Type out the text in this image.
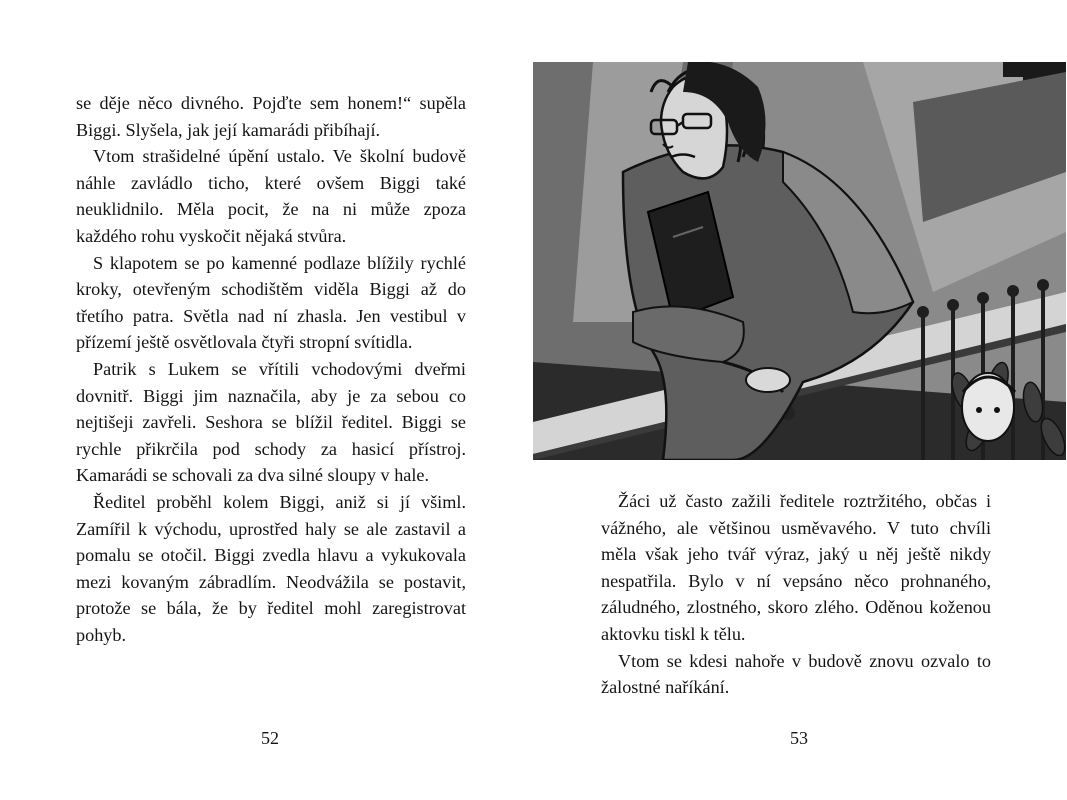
se děje něco divného. Pojďte sem honem!“ supěla Biggi. Slyšela, jak její kamarádi přibíhají.

Vtom strašidelné úpění ustalo. Ve školní budově náhle zavládlo ticho, které ovšem Biggi také neuklidnilo. Měla pocit, že na ni může zpoza každého rohu vyskočit nějaká stvůra.

S klapotem se po kamenné podlaze blížily rychlé kroky, otevřeným schodištěm viděla Biggi až do třetího patra. Světla nad ní zhasla. Jen vestibul v přízemí ještě osvětlovala čtyři stropní svítidla.

Patrik s Lukem se vřítili vchodovými dveřmi dovnitř. Biggi jim naznačila, aby je za sebou co nejtišeji zavřeli. Seshora se blížil ředitel. Biggi se rychle přikrčila pod schody za hasicí přístroj. Kamarádi se schovali za dva silné sloupy v hale.

Ředitel proběhl kolem Biggi, aniž si jí všiml. Zamířil k východu, uprostřed haly se ale zastavil a pomalu se otočil. Biggi zvedla hlavu a vykukovala mezi kovaným zábradlím. Neodvážila se postavit, protože se bála, že by ředitel mohl zaregistrovat pohyb.

52

Žáci už často zažili ředitele roztržitého, občas i vážného, ale většinou usměvavého. V tuto chvíli měla však jeho tvář výraz, jaký u něj ještě nikdy nespatřila. Bylo v ní vepsáno něco prohnaného, záludného, zlostného, skoro zlého. Oděnou koženou aktovku tiskl k tělu.

Vtom se kdesi nahoře v budově znovu ozvalo to žalostné naříkání.

53
